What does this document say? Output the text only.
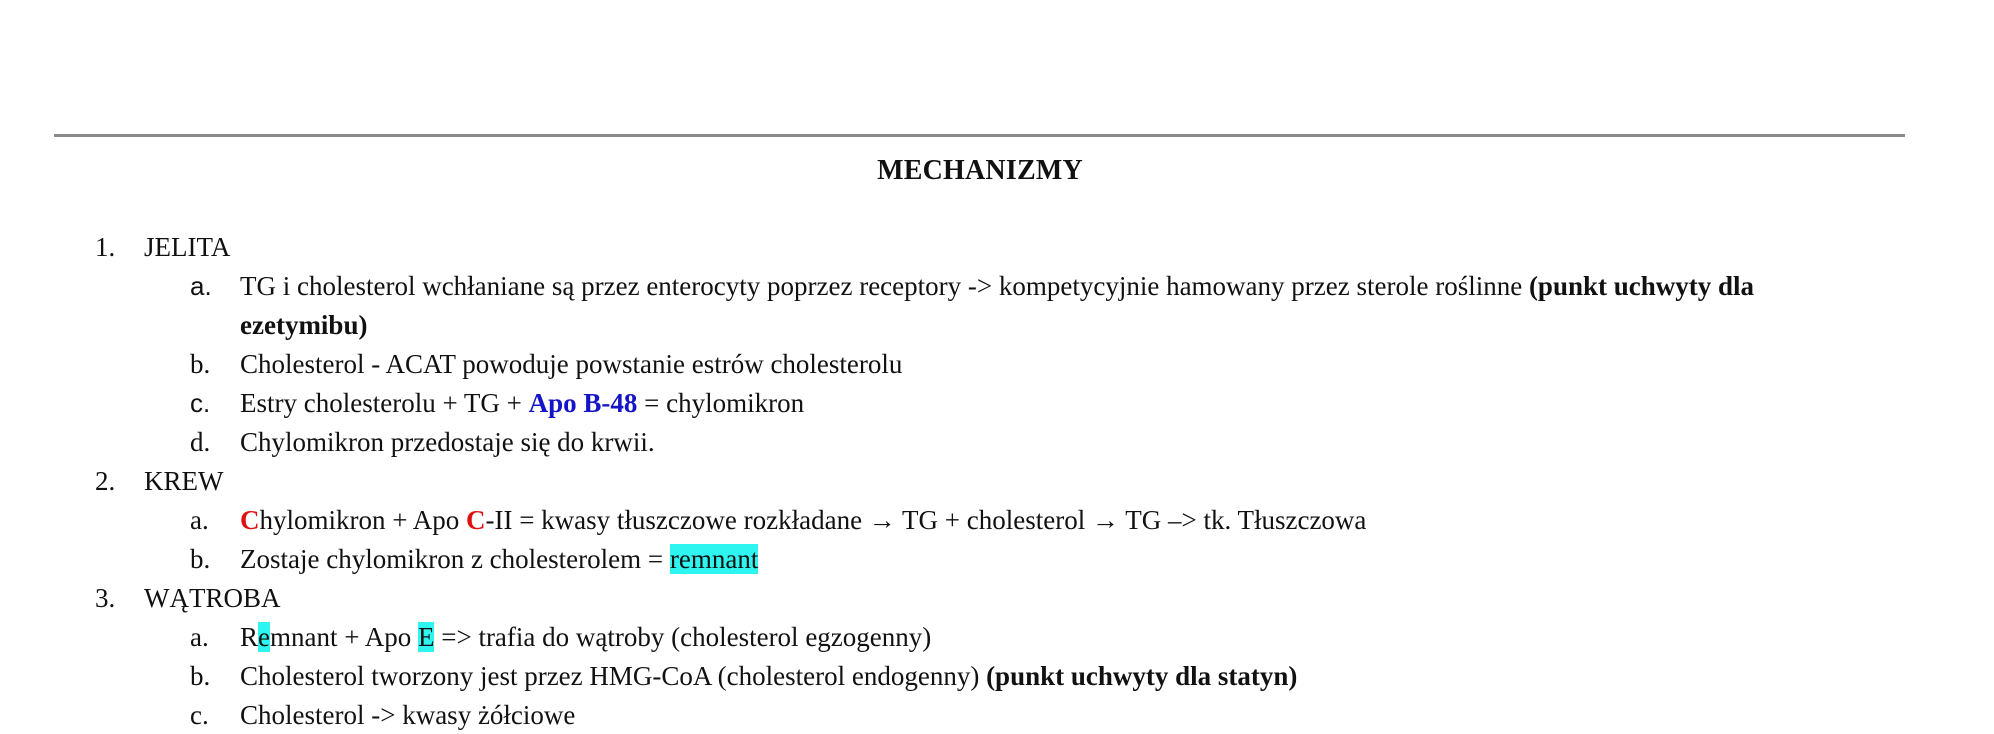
MECHANIZMY
1. JELITA
a. TG i cholesterol wchłaniane są przez enterocyty poprzez receptory -> kompetycyjnie hamowany przez sterole roślinne (punkt uchwyty dla
ezetymibu)
b. Cholesterol - ACAT powoduje powstanie estrów cholesterolu
c. Estry cholesterolu + TG + Apo B-48 = chylomikron
d. Chylomikron przedostaje się do krwii.
2. KREW
a. Chylomikron + Apo C-II = kwasy tłuszczowe rozkładane → TG + cholesterol → TG –> tk. Tłuszczowa
b. Zostaje chylomikron z cholesterolem = remnant
3. WĄTROBA
a. Remnant + Apo E => trafia do wątroby (cholesterol egzogenny)
b. Cholesterol tworzony jest przez HMG-CoA (cholesterol endogenny) (punkt uchwyty dla statyn)
c. Cholesterol -> kwasy żółciowe
